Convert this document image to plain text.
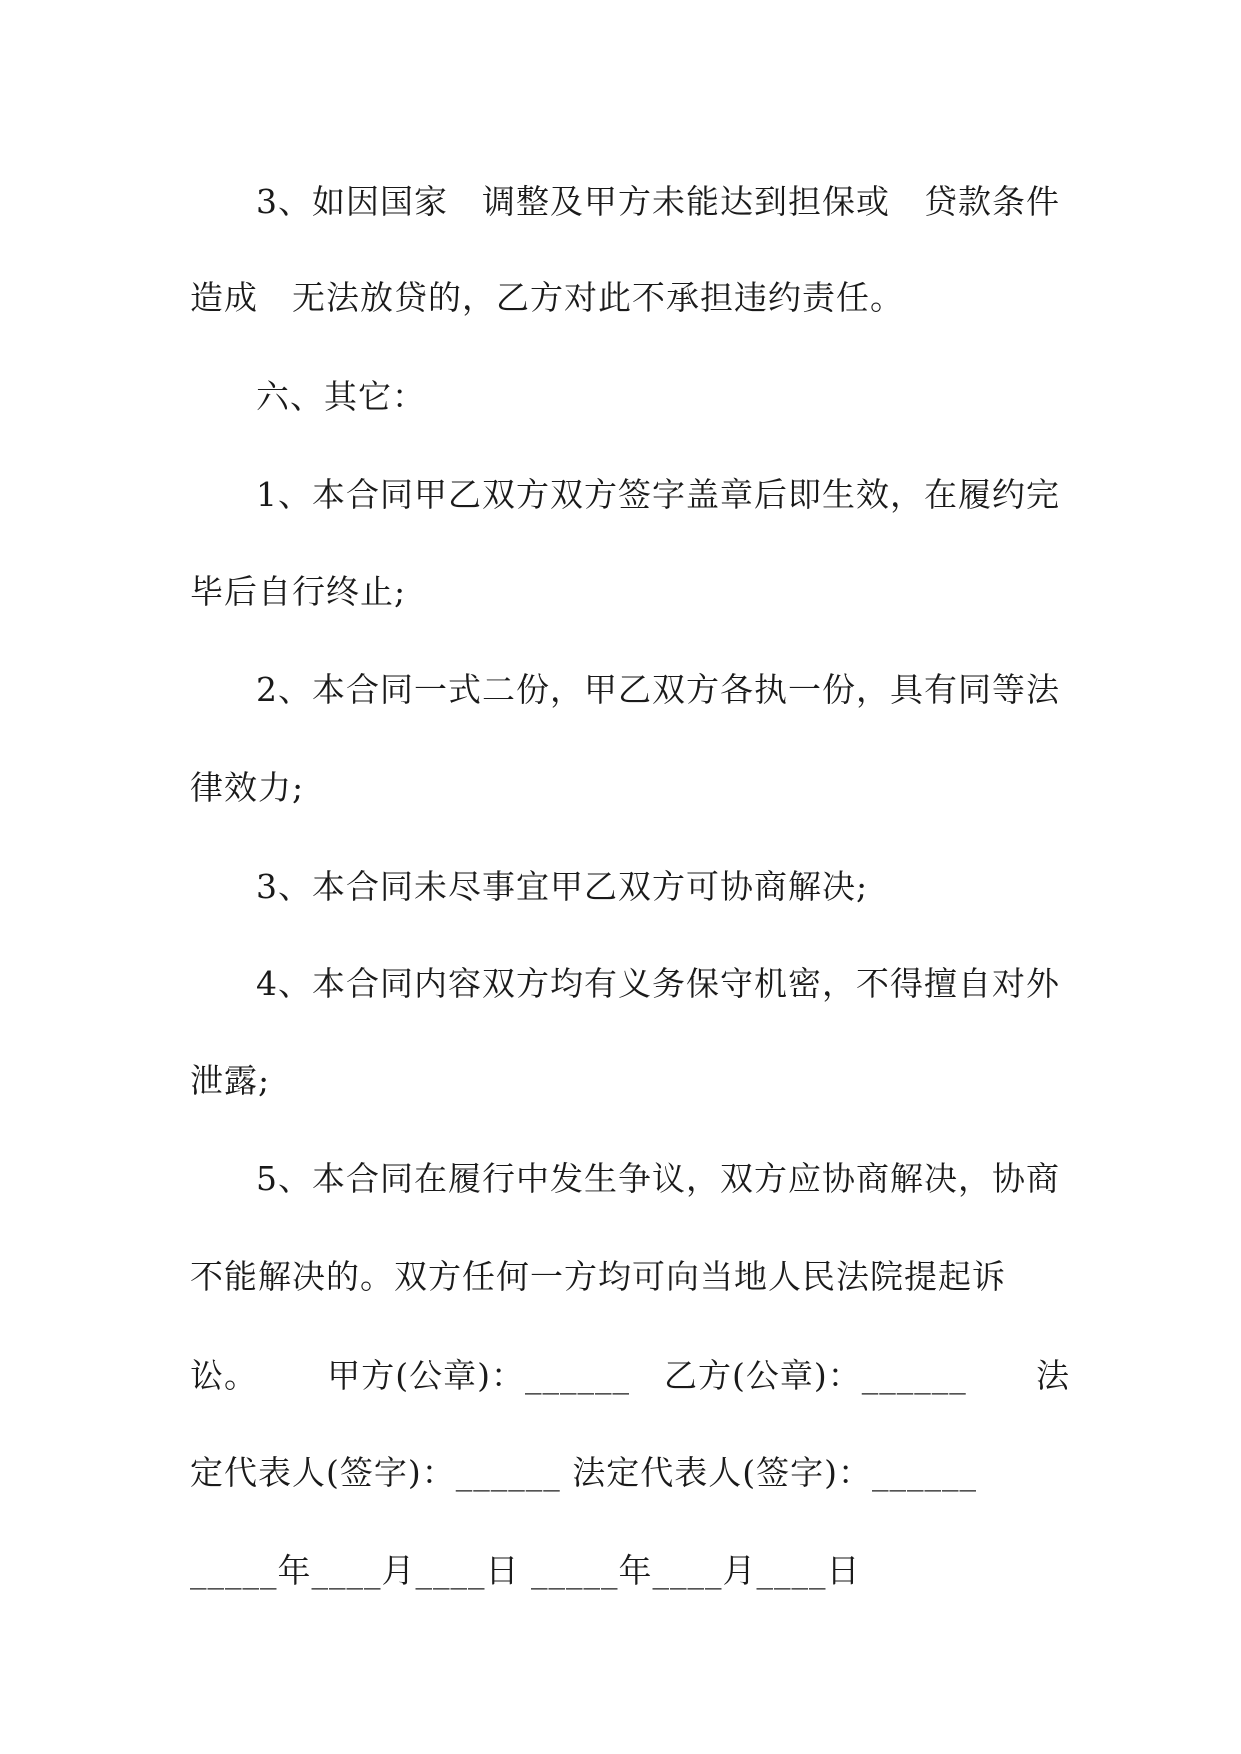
3、如因国家　调整及甲方未能达到担保或　贷款条件
造成　无法放贷的，乙方对此不承担违约责任。
六、其它：
1、本合同甲乙双方双方签字盖章后即生效，在履约完
毕后自行终止;
2、本合同一式二份，甲乙双方各执一份，具有同等法
律效力;
3、本合同未尽事宜甲乙双方可协商解决;
4、本合同内容双方均有义务保守机密，不得擅自对外
泄露;
5、本合同在履行中发生争议，双方应协商解决，协商
不能解决的。双方任何一方均可向当地人民法院提起诉
讼。 甲方(公章)：______　乙方(公章)：______ 法
定代表人(签字)：______ 法定代表人(签字)：______
_____年____月____日 _____年____月____日
